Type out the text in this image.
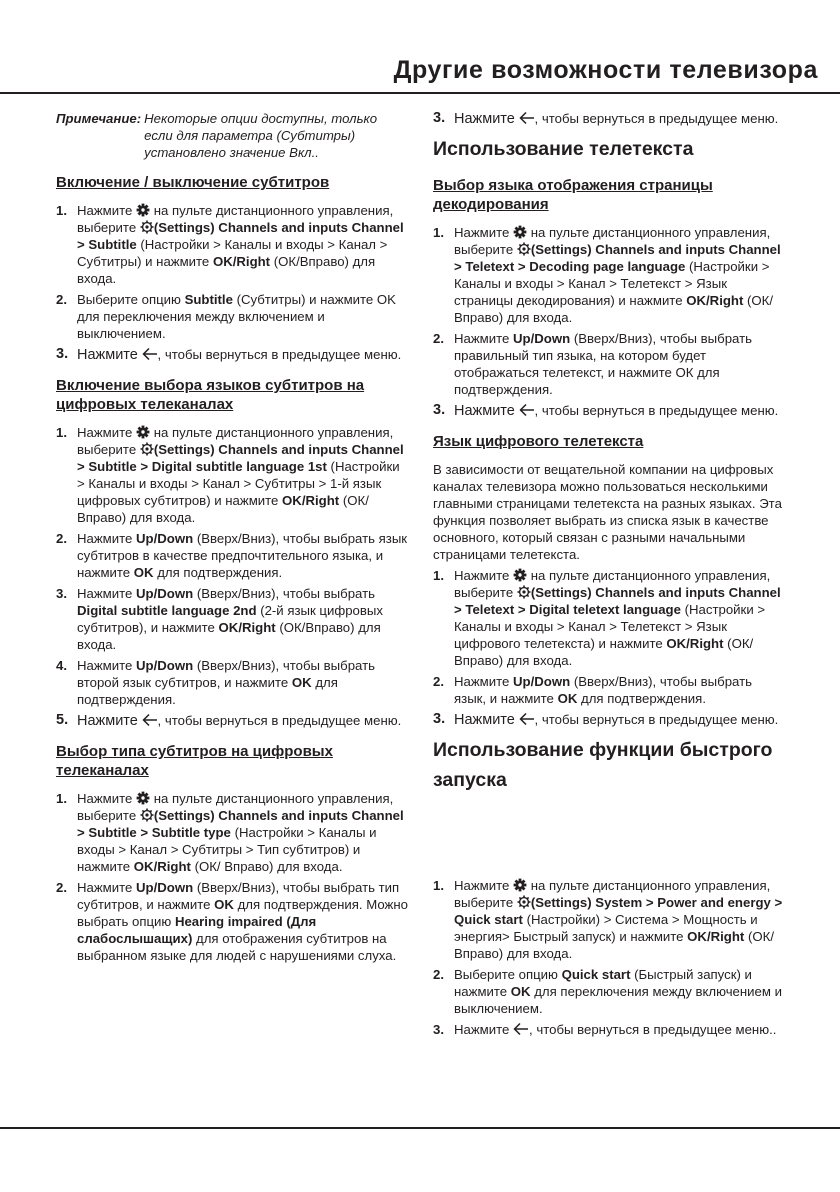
Другие возможности телевизора
Примечание: Некоторые опции доступны, только если для параметра (Субтитры) установлено значение Вкл..
Включение / выключение субтитров
1. Нажмите на пульте дистанционного управления, выберите (Settings) Channels and inputs Channel > Subtitle (Настройки > Каналы и входы > Канал > Субтитры) и нажмите OK/Right (ОК/Вправо) для входа.
2. Выберите опцию Subtitle (Субтитры) и нажмите OK для переключения между включением и выключением.
3. Нажмите , чтобы вернуться в предыдущее меню.
Включение выбора языков субтитров на цифровых телеканалах
1. Нажмите на пульте дистанционного управления, выберите (Settings) Channels and inputs Channel > Subtitle > Digital subtitle language 1st (Настройки > Каналы и входы > Канал > Субтитры > 1-й язык цифровых субтитров) и нажмите OK/Right (ОК/Вправо) для входа.
2. Нажмите Up/Down (Вверх/Вниз), чтобы выбрать язык субтитров в качестве предпочтительного языка, и нажмите OK для подтверждения.
3. Нажмите Up/Down (Вверх/Вниз), чтобы выбрать Digital subtitle language 2nd (2-й язык цифровых субтитров), и нажмите OK/Right (ОК/Вправо) для входа.
4. Нажмите Up/Down (Вверх/Вниз), чтобы выбрать второй язык субтитров, и нажмите OK для подтверждения.
5. Нажмите , чтобы вернуться в предыдущее меню.
Выбор типа субтитров на цифровых телеканалах
1. Нажмите на пульте дистанционного управления, выберите (Settings) Channels and inputs Channel > Subtitle > Subtitle type (Настройки > Каналы и входы > Канал > Субтитры > Тип субтитров) и нажмите OK/Right (ОК/ Вправо) для входа.
2. Нажмите Up/Down (Вверх/Вниз), чтобы выбрать тип субтитров, и нажмите OK для подтверждения. Можно выбрать опцию Hearing impaired (Для слабослышащих) для отображения субтитров на выбранном языке для людей с нарушениями слуха.
3. Нажмите , чтобы вернуться в предыдущее меню.
Использование телетекста
Выбор языка отображения страницы декодирования
1. Нажмите на пульте дистанционного управления, выберите (Settings) Channels and inputs Channel > Teletext > Decoding page language (Настройки > Каналы и входы > Канал > Телетекст > Язык страницы декодирования) и нажмите OK/Right (ОК/Вправо) для входа.
2. Нажмите Up/Down (Вверх/Вниз), чтобы выбрать правильный тип языка, на котором будет отображаться телетекст, и нажмите ОК для подтверждения.
3. Нажмите , чтобы вернуться в предыдущее меню.
Язык цифрового телетекста

В зависимости от вещательной компании на цифровых каналах телевизора можно пользоваться несколькими главными страницами телетекста на разных языках. Эта функция позволяет выбрать из списка язык в качестве основного, который связан с разными начальными страницами телетекста.

1. Нажмите на пульте дистанционного управления, выберите (Settings) Channels and inputs Channel > Teletext > Digital teletext language (Настройки > Каналы и входы > Канал > Телетекст > Язык цифрового телетекста) и нажмите OK/Right (ОК/Вправо) для входа.
2. Нажмите Up/Down (Вверх/Вниз), чтобы выбрать язык, и нажмите OK для подтверждения.
3. Нажмите , чтобы вернуться в предыдущее меню.
Использование функции быстрого запуска
1. Нажмите на пульте дистанционного управления, выберите (Settings) System > Power and energy > Quick start (Настройки) > Система > Мощность и энергия> Быстрый запуск) и нажмите OK/Right (ОК/Вправо) для входа.
2. Выберите опцию Quick start (Быстрый запуск) и нажмите OK для переключения между включением и выключением.
3. Нажмите , чтобы вернуться в предыдущее меню..
